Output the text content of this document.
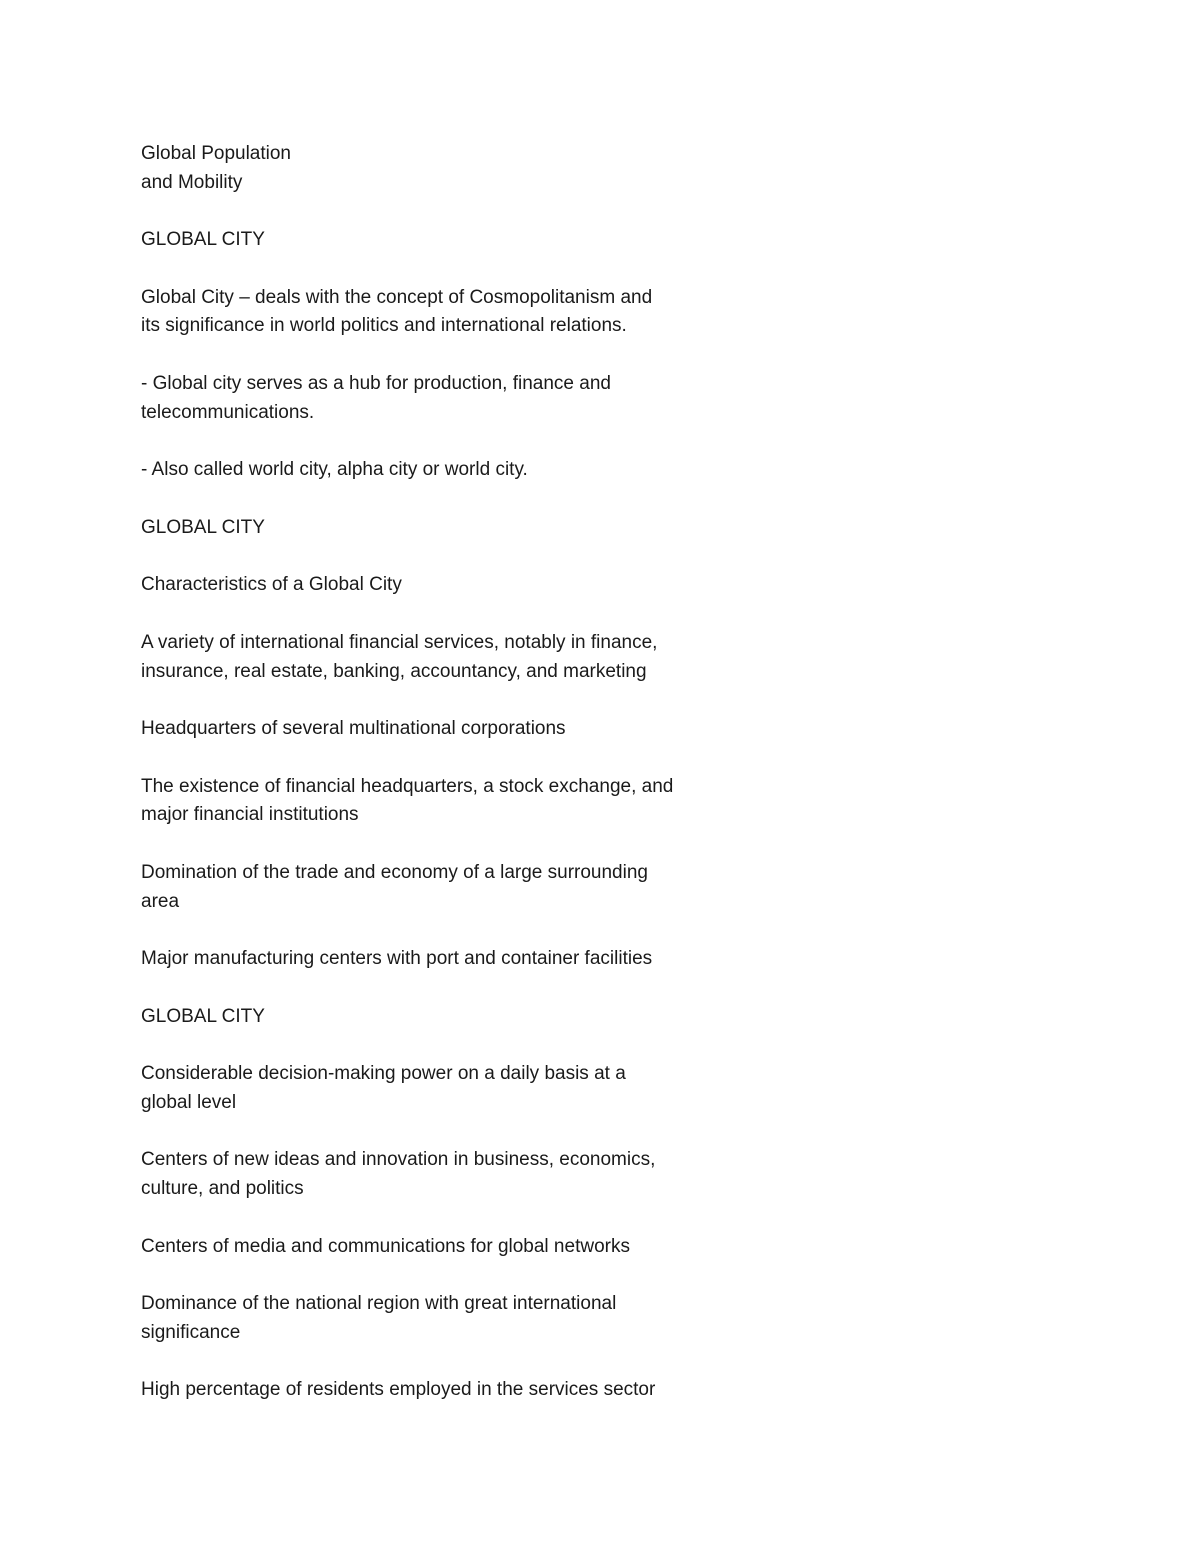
Global Population
and Mobility

GLOBAL CITY

Global City – deals with the concept of Cosmopolitanism and
its significance in world politics and international relations.

- Global city serves as a hub for production, finance and
telecommunications.

- Also called world city, alpha city or world city.

GLOBAL CITY

Characteristics of a Global City

A variety of international financial services, notably in finance,
insurance, real estate, banking, accountancy, and marketing

Headquarters of several multinational corporations

The existence of financial headquarters, a stock exchange, and
major financial institutions

Domination of the trade and economy of a large surrounding
area

Major manufacturing centers with port and container facilities

GLOBAL CITY

Considerable decision-making power on a daily basis at a
global level

Centers of new ideas and innovation in business, economics,
culture, and politics

Centers of media and communications for global networks

Dominance of the national region with great international
significance

High percentage of residents employed in the services sector
